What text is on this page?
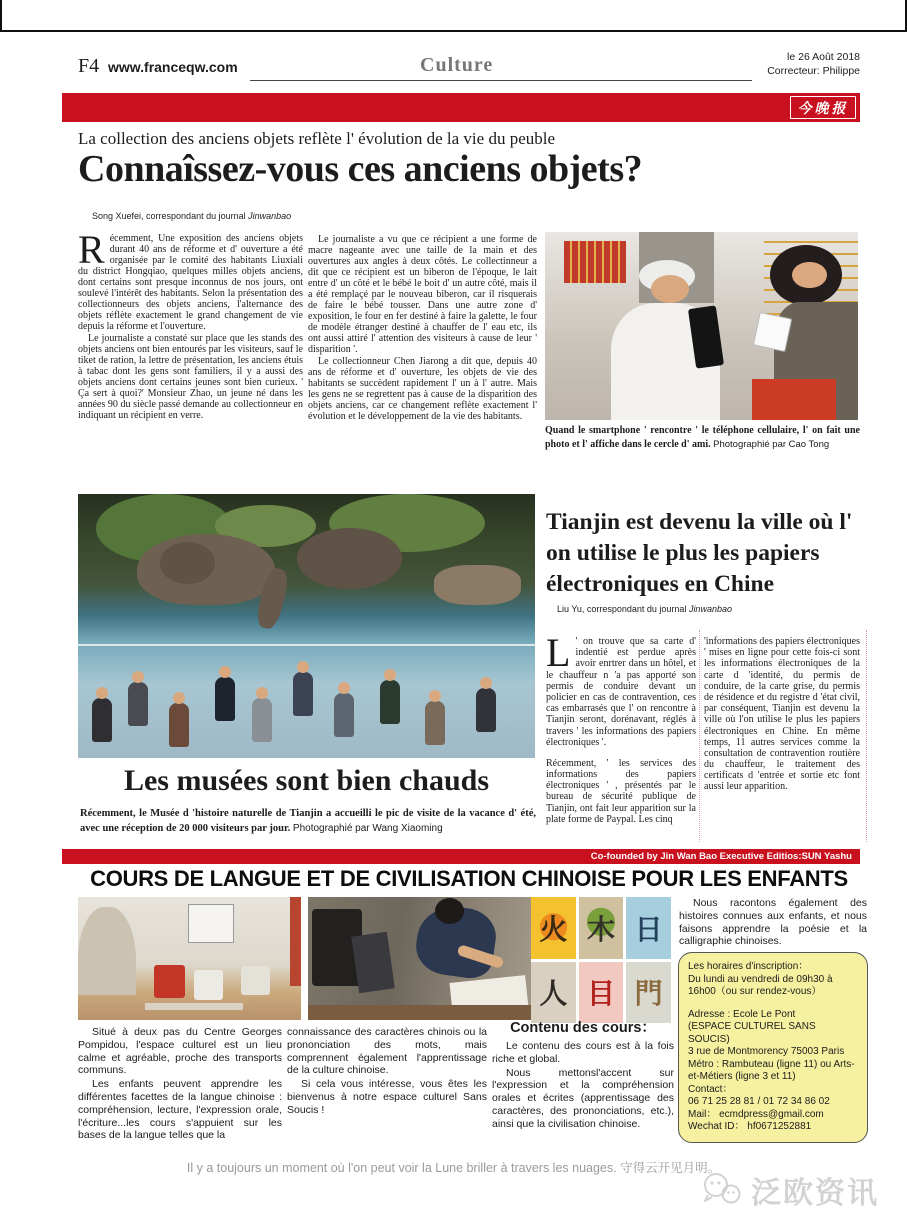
F4 www.franceqw.com	Culture	le 26 Août 2018
Correcteur: Philippe
今晚报
La collection des anciens objets reflète l' évolution de la vie du peuble
Connaîssez-vous ces anciens objets?
Song Xuefei, correspondant du journal Jinwanbao

Récemment, Une exposition des anciens objets durant 40 ans de réforme et d' ouverture a été organisée par le comité des habitants Liuxiali du district Hongqiao, quelques milles objets anciens, dont certains sont presque inconnus de nos jours, ont soulevé l'intérêt des habitants. Selon la présentation des collectionneurs des objets anciens, l'alternance des objets réflète exactement le grand changement de vie depuis la réforme et l'ouverture.

Le journaliste a constaté sur place que les stands des objets anciens ont bien entourés par les visiteurs, sauf le tiket de ration, la lettre de présentation, les anciens étuis à tabac dont les gens sont familiers, il y a aussi des objets anciens dont certains jeunes sont bien curieux. ' Ça sert à quoi?' Monsieur Zhao, un jeune né dans les années 90 du siècle passé demande au collectionneur en indiquant un récipient en verre.

Le journaliste a vu que ce récipient a une forme de macre nageante avec une taille de la main et des ouvertures aux angles à deux côtés. Le collectinneur a dit que ce récipient est un biberon de l'époque, le lait entre d' un côté et le bébé le boit d' un autre côté, mais il a été remplaçé par le nouveau biberon, car il risquerais de faire le bébé tousser. Dans une autre zone d' exposition, le four en fer destiné à faire la galette, le four de modèle étranger destiné à chauffer de l' eau etc, ils ont aussi attiré l' attention des visiteurs à cause de leur ' disparition '.

Le collectionneur Chen Jiarong a dit que, depuis 40 ans de réforme et d' ouverture, les objets de vie des habitants se succèdent rapidement l' un à l' autre. Mais les gens ne se regrettent pas à cause de la disparition des objets anciens, car ce changement reflète exactement l' évolution et le développement de la vie des habitants.

Quand le smartphone ' rencontre ' le téléphone cellulaire, l' on fait une photo et l' affiche dans le cercle d' ami. Photographié par Cao Tong
Les musées sont bien chauds
Récemment, le Musée d 'histoire naturelle de Tianjin a accueilli le pic de visite de la vacance d' été, avec une réception de 20 000 visiteurs par jour. Photographié par Wang Xiaoming
Tianjin est devenu la ville où l' on utilise le plus les papiers électroniques en Chine
Liu Yu, correspondant du journal Jinwanbao

L ' on trouve que sa carte d' indentié est perdue après avoir enrtrer dans un hôtel, et le chauffeur n 'a pas apporté son permis de conduire devant un policier en cas de contravention, ces cas embarrasés que l' on rencontre à Tianjin seront, dorénavant, réglés à travers ' les informations des papiers électroniques '.

Récemment, ' les services des informations des papiers électroniques ' , présentés par le bureau de sécurité publique de Tianjin, ont fait leur apparition sur la plate forme de Paypal. Les cinq

'informations des papiers électroniques ' mises en ligne pour cette fois-ci sont les informations électroniques de la carte d 'identité, du permis de conduire, de la carte grise, du permis de résidence et du registre d 'état civil, par conséquent, Tianjin est devenu la ville où l'on utilise le plus les papiers électroniques en Chine. En même temps, 11 autres services comme la consultation de contravention routière du chauffeur, le traitement des certificats d 'entrée et sortie etc font aussi leur apparition.

Co-founded by Jin Wan Bao Executive Editios:SUN Yashu
COURS DE LANGUE ET DE CIVILISATION CHINOISE POUR LES ENFANTS
火 木 日
人 目 門

Situé à deux pas du Centre Georges Pompidou, l'espace culturel est un lieu calme et agréable, proche des transports communs.

Les enfants peuvent apprendre les différentes facettes de la langue chinoise : compréhension, lecture, l'expression orale, l'écriture...les cours s'appuient sur les bases de la langue telles que la

connaissance des caractères chinois ou la prononciation des mots, mais comprennent également l'apprentissage de la culture chinoise.

Si cela vous intéresse, vous êtes les bienvenus à notre espace culturel Sans Soucis !

Contenu des cours：

Le contenu des cours est à la fois riche et global.

Nous mettonsl'accent sur l'expression et la compréhension orales et écrites (apprentissage des caractères, des prononciations, etc.), ainsi que la civilisation chinoise.

Nous racontons également des histoires connues aux enfants, et nous faisons apprendre la poésie et la calligraphie chinoises.

Les horaires d'inscription：
Du lundi au vendredi de 09h30 à 16h00（ou sur rendez-vous）
Adresse : Ecole Le Pont
(ESPACE CULTUREL SANS SOUCIS)
3 rue de Montmorency 75003 Paris
Métro : Rambuteau (ligne 11) ou Arts-et-Métiers (ligne 3 et 11)
Contact：
06 71 25 28 81 / 01 72 34 86 02
Mail： ecmdpress@gmail.com
Wechat ID： hf0671252881
Il y a toujours un moment où l'on peut voir la Lune briller à travers les nuages. 守得云开见月明。
泛欧资讯
